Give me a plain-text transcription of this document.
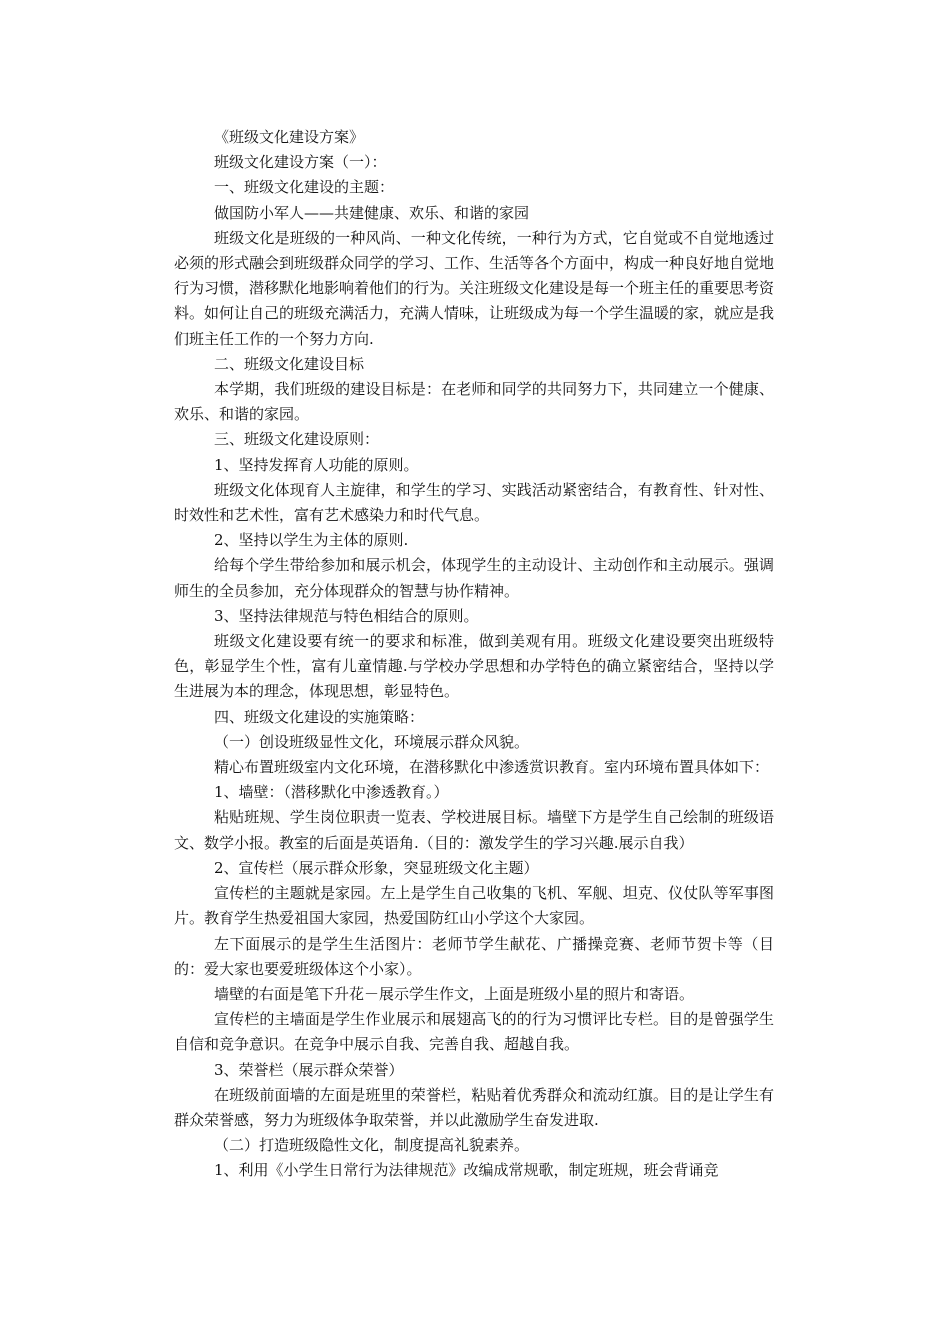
《班级文化建设方案》

班级文化建设方案（一）：

一、班级文化建设的主题：

做国防小军人——共建健康、欢乐、和谐的家园

班级文化是班级的一种风尚、一种文化传统，一种行为方式，它自觉或不自觉地透过必须的形式融会到班级群众同学的学习、工作、生活等各个方面中，构成一种良好地自觉地行为习惯，潜移默化地影响着他们的行为。关注班级文化建设是每一个班主任的重要思考资料。如何让自己的班级充满活力，充满人情味，让班级成为每一个学生温暖的家，就应是我们班主任工作的一个努力方向.

二、班级文化建设目标

本学期，我们班级的建设目标是：在老师和同学的共同努力下，共同建立一个健康、欢乐、和谐的家园。

三、班级文化建设原则：

1、坚持发挥育人功能的原则。

班级文化体现育人主旋律，和学生的学习、实践活动紧密结合，有教育性、针对性、时效性和艺术性，富有艺术感染力和时代气息。

2、坚持以学生为主体的原则.

给每个学生带给参加和展示机会，体现学生的主动设计、主动创作和主动展示。强调师生的全员参加，充分体现群众的智慧与协作精神。

3、坚持法律规范与特色相结合的原则。

班级文化建设要有统一的要求和标准，做到美观有用。班级文化建设要突出班级特色，彰显学生个性，富有儿童情趣.与学校办学思想和办学特色的确立紧密结合，坚持以学生进展为本的理念，体现思想，彰显特色。

四、班级文化建设的实施策略：

（一）创设班级显性文化，环境展示群众风貌。

精心布置班级室内文化环境，在潜移默化中渗透赏识教育。室内环境布置具体如下：

1、墙壁：（潜移默化中渗透教育。）

粘贴班规、学生岗位职责一览表、学校进展目标。墙壁下方是学生自己绘制的班级语文、数学小报。教室的后面是英语角.（目的：激发学生的学习兴趣.展示自我）

2、宣传栏（展示群众形象，突显班级文化主题）

宣传栏的主题就是家园。左上是学生自己收集的飞机、军舰、坦克、仪仗队等军事图片。教育学生热爱祖国大家园，热爱国防红山小学这个大家园。

左下面展示的是学生生活图片：老师节学生献花、广播操竞赛、老师节贺卡等（目的：爱大家也要爱班级体这个小家）。

墙壁的右面是笔下升花－展示学生作文，上面是班级小星的照片和寄语。

宣传栏的主墙面是学生作业展示和展翅高飞的的行为习惯评比专栏。目的是曾强学生自信和竞争意识。在竞争中展示自我、完善自我、超越自我。

3、荣誉栏（展示群众荣誉）

在班级前面墙的左面是班里的荣誉栏，粘贴着优秀群众和流动红旗。目的是让学生有群众荣誉感，努力为班级体争取荣誉，并以此激励学生奋发进取.

（二）打造班级隐性文化，制度提高礼貌素养。

1、利用《小学生日常行为法律规范》改编成常规歌，制定班规，班会背诵竞
